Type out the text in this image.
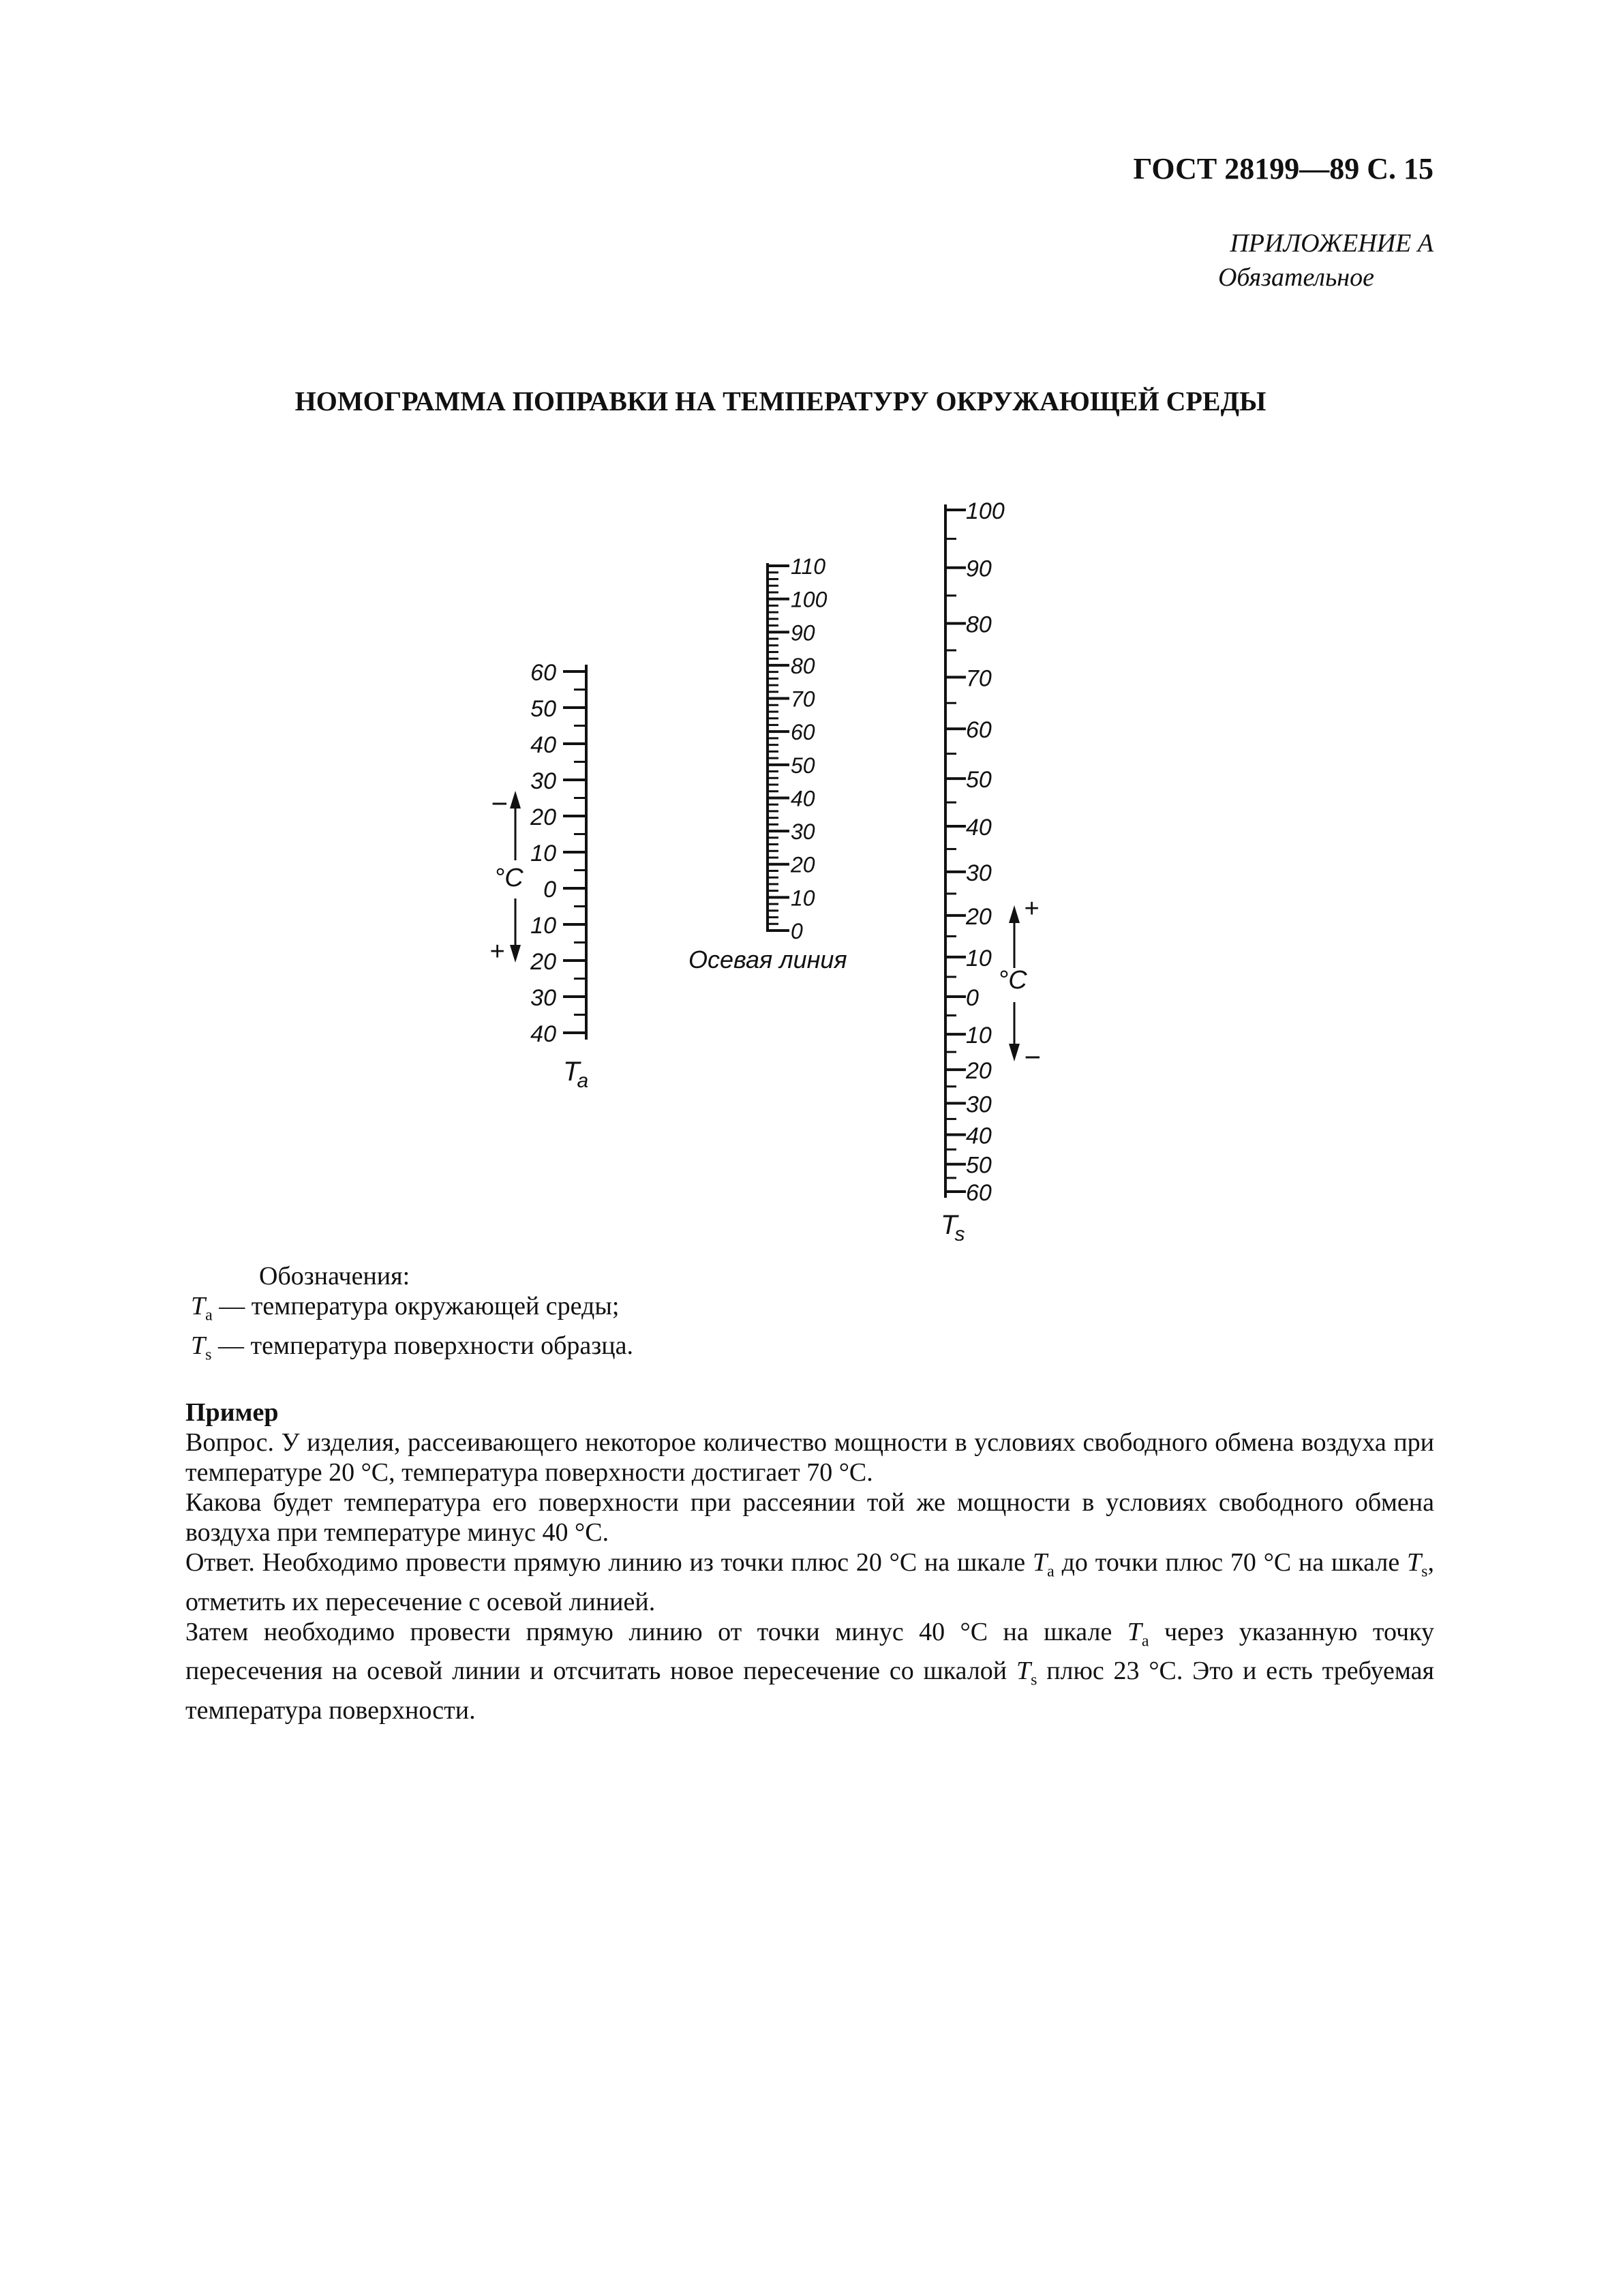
ГОСТ 28199—89 С. 15
ПРИЛОЖЕНИЕ А
Обязательное
НОМОГРАММА ПОПРАВКИ НА ТЕМПЕРАТУРУ ОКРУЖАЮЩЕЙ СРЕДЫ
60
50
40
30
20
10
0
10
20
30
40
110
100
90
80
70
60
50
40
30
20
10
0
100
90
80
70
60
50
40
30
20
10
0
10
20
30
40
50
60
−
°C
+
Ta
Осевая линия
+
°C
−
Ts
Обозначения:
$T_a$ — температура окружающей среды;
$T_s$ — температура поверхности образца.
Пример

Вопрос. У изделия, рассеивающего некоторое количество мощности в условиях свободного обмена воздуха при температуре 20 °С, температура поверхности достигает 70 °С.

Какова будет температура его поверхности при рассеянии той же мощности в условиях свободного обмена воздуха при температуре минус 40 °С.

Ответ. Необходимо провести прямую линию из точки плюс 20 °С на шкале $T_a$ до точки плюс 70 °С на шкале $T_s$, отметить их пересечение с осевой линией.

Затем необходимо провести прямую линию от точки минус 40 °С на шкале $T_a$ через указанную точку пересечения на осевой линии и отсчитать новое пересечение со шкалой $T_s$ плюс 23 °С. Это и есть требуемая температура поверхности.
